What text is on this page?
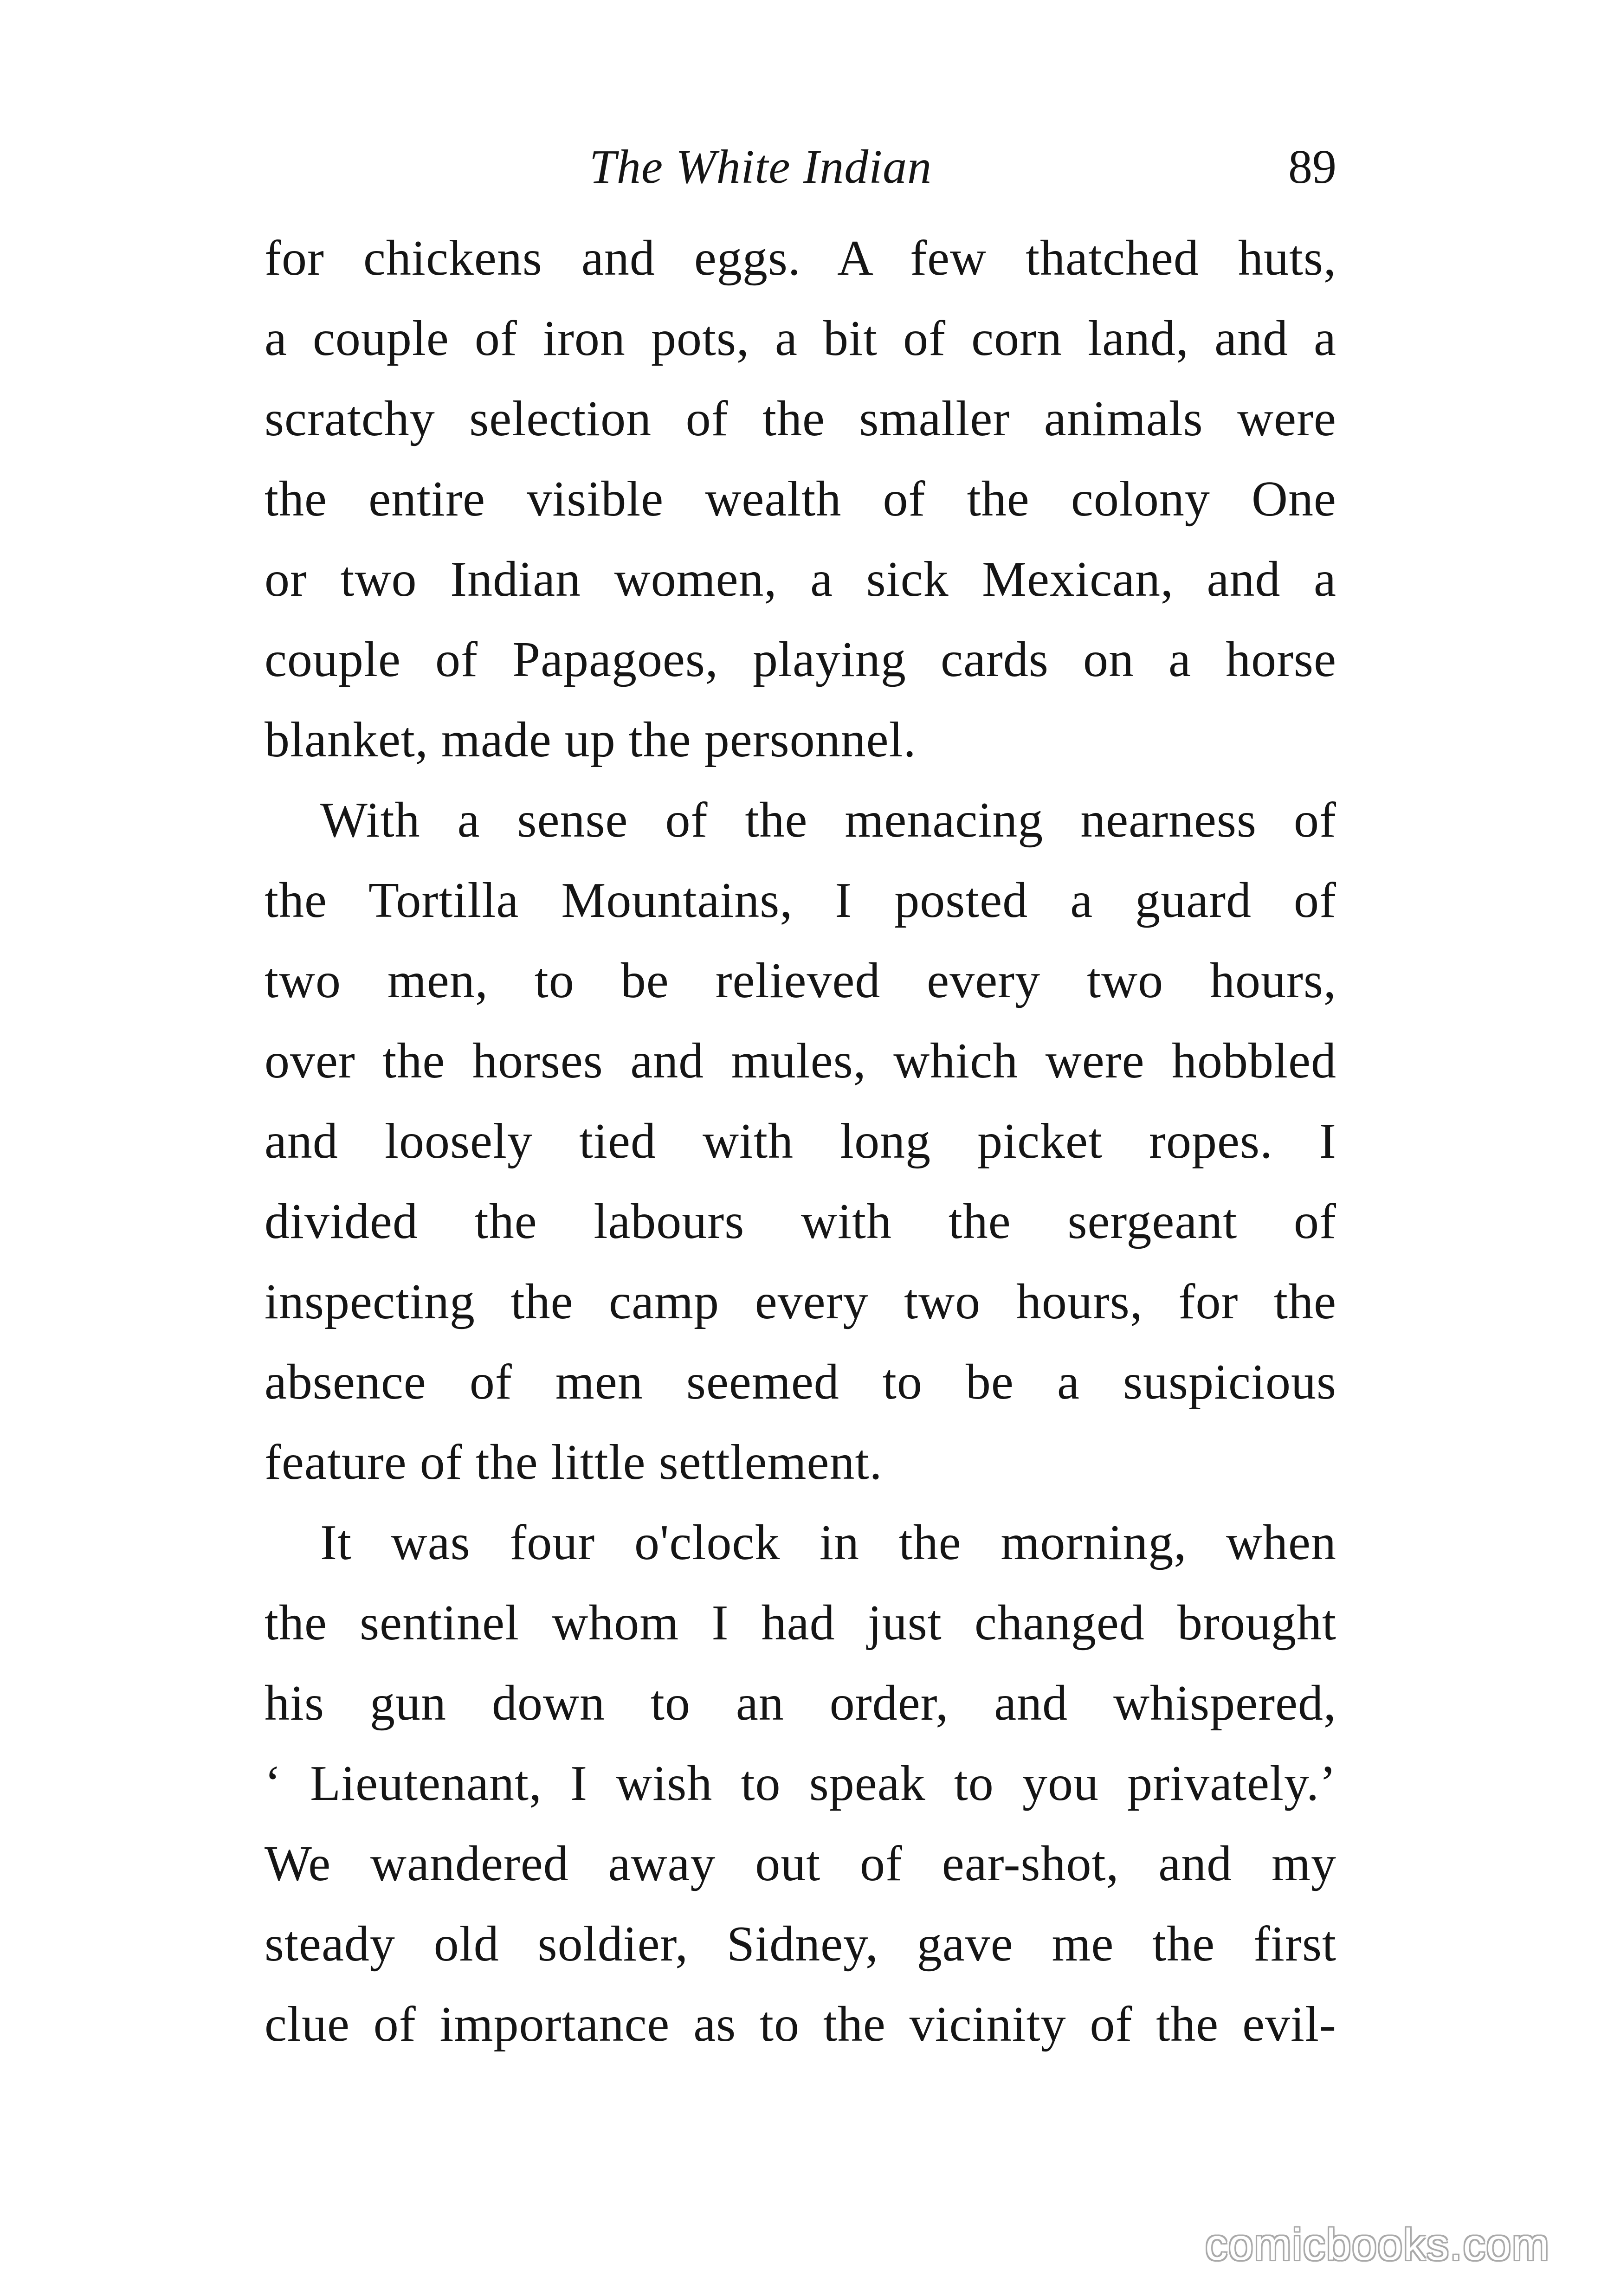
The White Indian	89
for chickens and eggs. A few thatched huts,
a couple of iron pots, a bit of corn land, and a
scratchy selection of the smaller animals were
the entire visible wealth of the colony One
or two Indian women, a sick Mexican, and a
couple of Papagoes, playing cards on a horse
blanket, made up the personnel.
With a sense of the menacing nearness of
the Tortilla Mountains, I posted a guard of
two men, to be relieved every two hours,
over the horses and mules, which were hobbled
and loosely tied with long picket ropes. I
divided the labours with the sergeant of
inspecting the camp every two hours, for the
absence of men seemed to be a suspicious
feature of the little settlement.
It was four o'clock in the morning, when
the sentinel whom I had just changed brought
his gun down to an order, and whispered,
‘ Lieutenant, I wish to speak to you privately.’
We wandered away out of ear-shot, and my
steady old soldier, Sidney, gave me the first
clue of importance as to the vicinity of the evil-
comicbooks.com
